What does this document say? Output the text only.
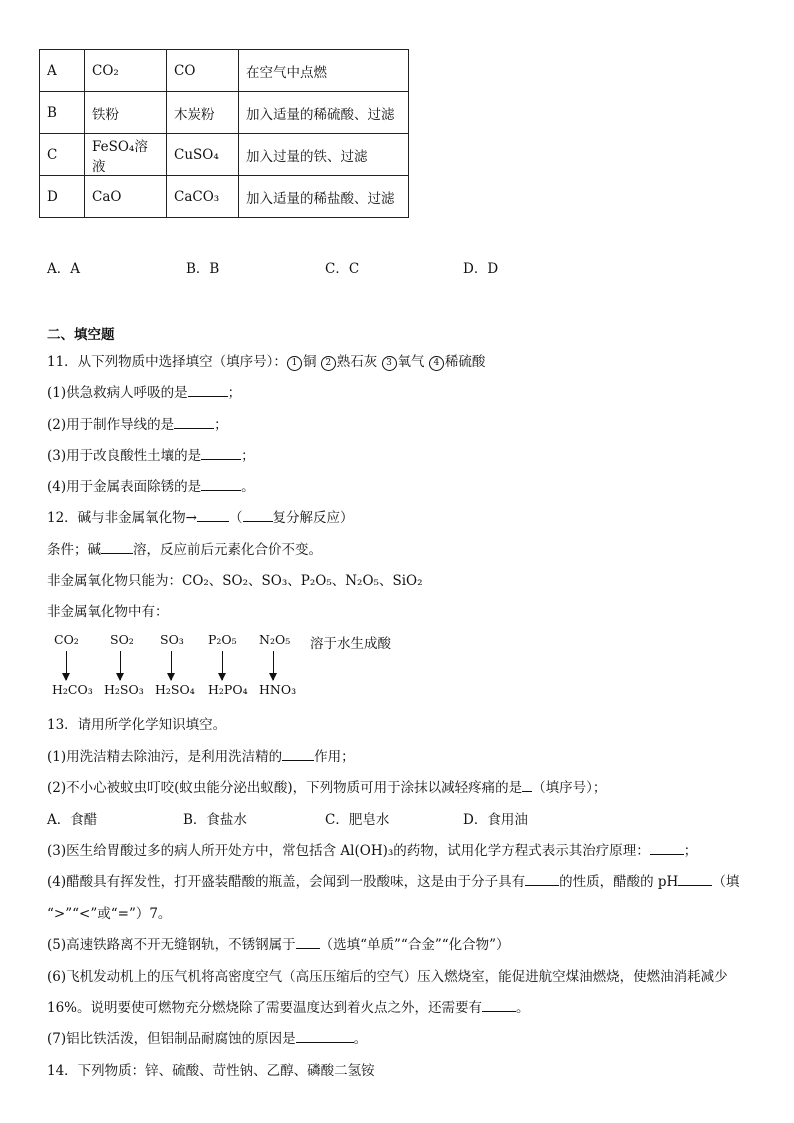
A	CO₂	CO	在空气中点燃
B	铁粉	木炭粉	加入适量的稀硫酸、过滤
C	FeSO₄溶液	CuSO₄	加入过量的铁、过滤
D	CaO	CaCO₃	加入适量的稀盐酸、过滤
A．A	B．B	C．C	D．D
二、填空题
11．从下列物质中选择填空（填序号）： 1 铜 2 熟石灰 3 氧气 4 稀硫酸
(1)供急救病人呼吸的是	；
(2)用于制作导线的是	；
(3)用于改良酸性土壤的是	；
(4)用于金属表面除锈的是	。
12．碱与非金属氧化物→ （ 复分解反应）
条件；碱 溶，反应前后元素化合价不变。
非金属氧化物只能为：CO₂、SO₂、SO₃、P₂O₅、N₂O₅、SiO₂
非金属氧化物中有：
CO₂ SO₂ SO₃ P₂O₅ N₂O₅ 溶于水生成酸
H₂CO₃ H₂SO₃ H₂SO₄ H₂PO₄ HNO₃
13．请用所学化学知识填空。
(1)用洗洁精去除油污，是利用洗洁精的 作用；
(2)不小心被蚊虫叮咬(蚊虫能分泌出蚁酸)，下列物质可用于涂抹以减轻疼痛的是 （填序号）；
A．食醋	B．食盐水	C．肥皂水	D．食用油
(3)医生给胃酸过多的病人所开处方中，常包括含 Al(OH)₃的药物，试用化学方程式表示其治疗原理：	；
(4)醋酸具有挥发性，打开盛装醋酸的瓶盖，会闻到一股酸味，这是由于分子具有	的性质，醋酸的 pH	（填
“>”“<”或“=”）7。
(5)高速铁路离不开无缝钢轨，不锈钢属于 （选填“单质”“合金”“化合物”）
(6)飞机发动机上的压气机将高密度空气（高压压缩后的空气）压入燃烧室，能促进航空煤油燃烧，使燃油消耗减少
16%。说明要使可燃物充分燃烧除了需要温度达到着火点之外，还需要有	。
(7)铝比铁活泼，但铝制品耐腐蚀的原因是	。
14．下列物质：锌、硫酸、苛性钠、乙醇、磷酸二氢铵
